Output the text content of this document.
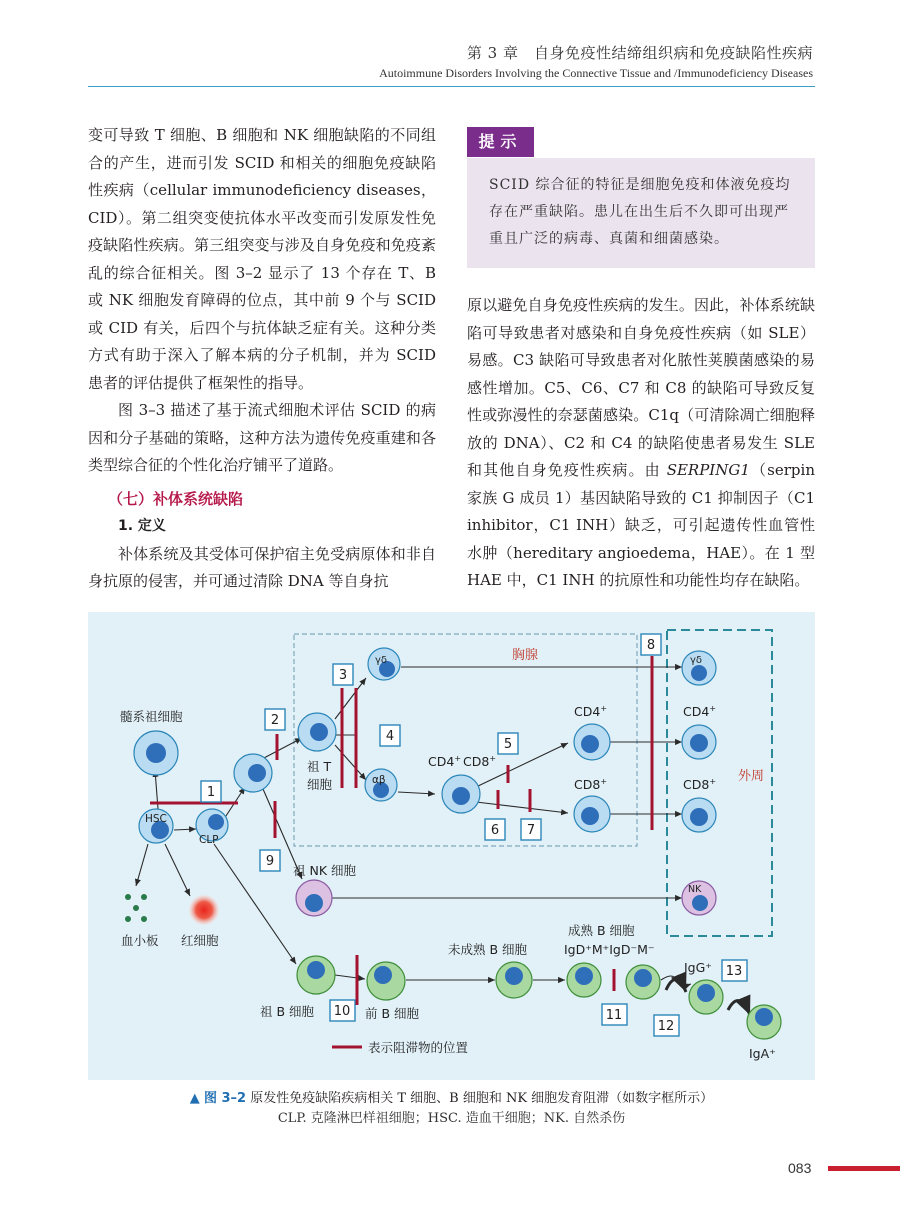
第 3 章　自身免疫性结缔组织病和免疫缺陷性疾病
Autoimmune Disorders Involving the Connective Tissue and /Immunodeficiency Diseases

变可导致 T 细胞、B 细胞和 NK 细胞缺陷的不同组合的产生，进而引发 SCID 和相关的细胞免疫缺陷性疾病（cellular immunodeficiency diseases，CID）。第二组突变使抗体水平改变而引发原发性免疫缺陷性疾病。第三组突变与涉及自身免疫和免疫紊乱的综合征相关。图 3–2 显示了 13 个存在 T、B 或 NK 细胞发育障碍的位点，其中前 9 个与 SCID 或 CID 有关，后四个与抗体缺乏症有关。这种分类方式有助于深入了解本病的分子机制，并为 SCID 患者的评估提供了框架性的指导。

图 3–3 描述了基于流式细胞术评估 SCID 的病因和分子基础的策略，这种方法为遗传免疫重建和各类型综合征的个性化治疗铺平了道路。

（七）补体系统缺陷

1. 定义

补体系统及其受体可保护宿主免受病原体和非自身抗原的侵害，并可通过清除 DNA 等自身抗

提示
SCID 综合征的特征是细胞免疫和体液免疫均存在严重缺陷。患儿在出生后不久即可出现严重且广泛的病毒、真菌和细菌感染。

原以避免自身免疫性疾病的发生。因此，补体系统缺陷可导致患者对感染和自身免疫性疾病（如 SLE）易感。C3 缺陷可导致患者对化脓性荚膜菌感染的易感性增加。C5、C6、C7 和 C8 的缺陷可导致反复性或弥漫性的奈瑟菌感染。C1q（可清除凋亡细胞释放的 DNA）、C2 和 C4 的缺陷使患者易发生 SLE 和其他自身免疫性疾病。由 SERPING1（serpin 家族 G 成员 1）基因缺陷导致的 C1 抑制因子（C1 inhibitor，C1 INH）缺乏，可引起遗传性血管性水肿（hereditary angioedema，HAE）。在 1 型 HAE 中，C1 INH 的抗原性和功能性均存在缺陷。

胸腺
外周
1
2
3
4
5
6 7
8
9
10	11
12
13
髓系祖细胞
HSC
CLP
血小板 红细胞
祖 T
细胞
γδ
αβ
CD4+ CD8+
CD4+
CD8+
γδ
CD4+
CD8+
祖 NK 细胞
NK
祖 B 细胞	前 B 细胞
未成熟 B 细胞
成熟 B 细胞
IgD⁺M⁺IgD⁻M⁻
IgG⁺
IgA⁺
表示阻滞物的位置
▲ 图 3–2 原发性免疫缺陷疾病相关 T 细胞、B 细胞和 NK 细胞发育阻滞（如数字框所示）
CLP. 克隆淋巴样祖细胞；HSC. 造血干细胞；NK. 自然杀伤
083
